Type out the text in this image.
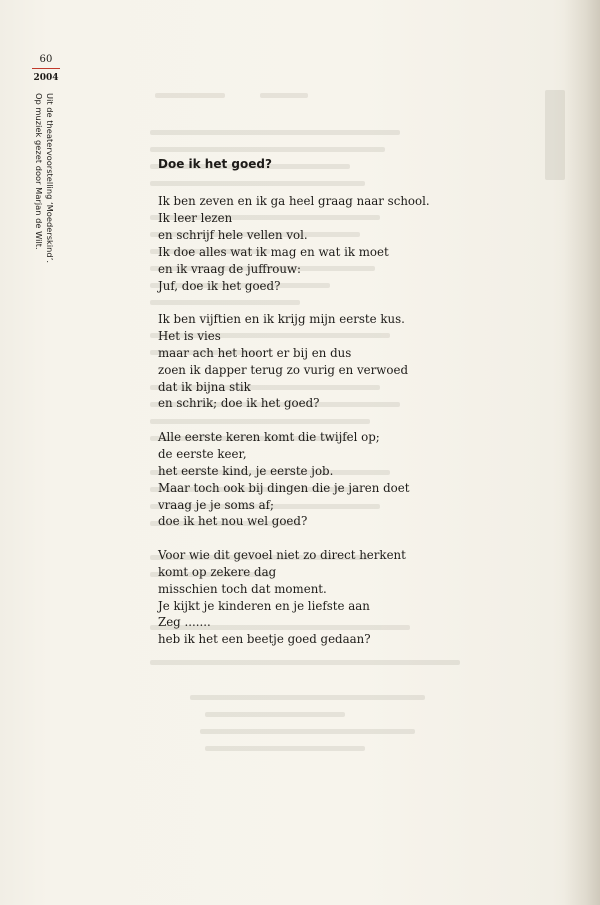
60
2004
Uit de theatervoorstelling ‘Moederskind’.
Op muziek gezet door Marjan de Wilt.	Doe ik het goed?
Ik ben zeven en ik ga heel graag naar school.
Ik leer lezen
en schrijf hele vellen vol.
Ik doe alles wat ik mag en wat ik moet
en ik vraag de juffrouw:
Juf, doe ik het goed?
Ik ben vijftien en ik krijg mijn eerste kus.
Het is vies
maar ach het hoort er bij en dus
zoen ik dapper terug zo vurig en verwoed
dat ik bijna stik
en schrik; doe ik het goed?
Alle eerste keren komt die twijfel op;
de eerste keer,
het eerste kind, je eerste job.
Maar toch ook bij dingen die je jaren doet
vraag je je soms af;
doe ik het nou wel goed?
Voor wie dit gevoel niet zo direct herkent
komt op zekere dag
misschien toch dat moment.
Je kijkt je kinderen en je liefste aan
Zeg .......
heb ik het een beetje goed gedaan?
